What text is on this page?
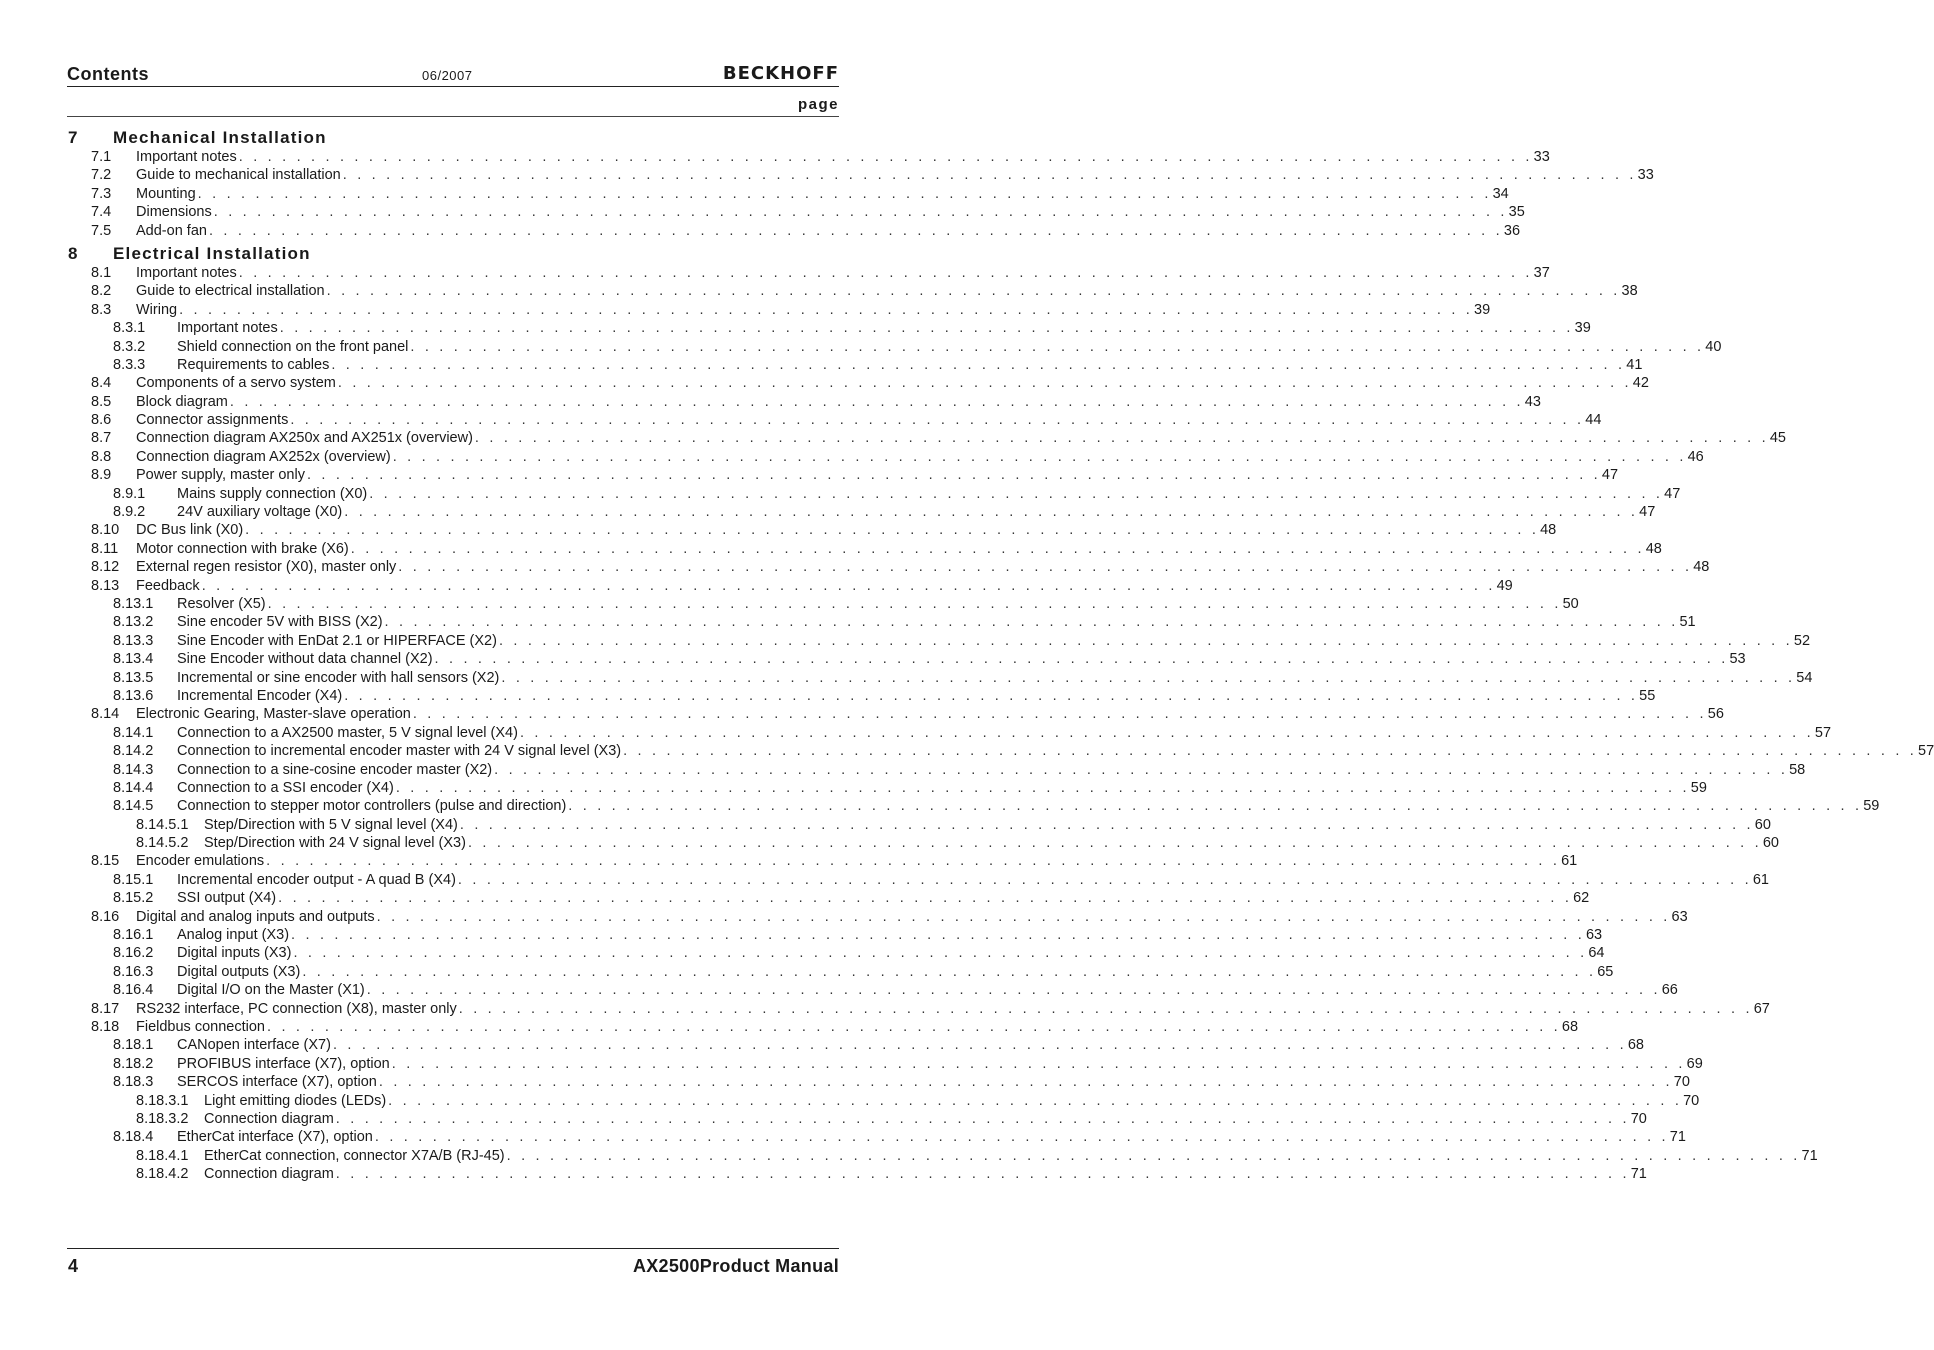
Contents	06/2007	BECKHOFF
page
7 Mechanical Installation
7.1 Important notes . . . . . . . . . . . . . . . . . . . . . . . . . . . . . . . . . . . . . . . . . . . . . . . . . . . . . . . . . . . . . . . . . . . . . . . . . . . . . . . . . . . . . . . . . . 33
7.2 Guide to mechanical installation . . . . . . . . . . . . . . . . . . . . . . . . . . . . . . . . . . . . . . . . . . . . . . . . . . . . . . . . . . . . . . . . . . . . . . . . . . . . . . . . . . . . . . . . . . 33
7.3 Mounting . . . . . . . . . . . . . . . . . . . . . . . . . . . . . . . . . . . . . . . . . . . . . . . . . . . . . . . . . . . . . . . . . . . . . . . . . . . . . . . . . . . . . . . . . . 34
7.4 Dimensions . . . . . . . . . . . . . . . . . . . . . . . . . . . . . . . . . . . . . . . . . . . . . . . . . . . . . . . . . . . . . . . . . . . . . . . . . . . . . . . . . . . . . . . . . . 35
7.5 Add-on fan . . . . . . . . . . . . . . . . . . . . . . . . . . . . . . . . . . . . . . . . . . . . . . . . . . . . . . . . . . . . . . . . . . . . . . . . . . . . . . . . . . . . . . . . . . 36
8 Electrical Installation
8.1 Important notes . . . . . . . . . . . . . . . . . . . . . . . . . . . . . . . . . . . . . . . . . . . . . . . . . . . . . . . . . . . . . . . . . . . . . . . . . . . . . . . . . . . . . . . . . . 37
8.2 Guide to electrical installation . . . . . . . . . . . . . . . . . . . . . . . . . . . . . . . . . . . . . . . . . . . . . . . . . . . . . . . . . . . . . . . . . . . . . . . . . . . . . . . . . . . . . . . . . . 38
8.3 Wiring . . . . . . . . . . . . . . . . . . . . . . . . . . . . . . . . . . . . . . . . . . . . . . . . . . . . . . . . . . . . . . . . . . . . . . . . . . . . . . . . . . . . . . . . . . 39
8.3.1 Important notes . . . . . . . . . . . . . . . . . . . . . . . . . . . . . . . . . . . . . . . . . . . . . . . . . . . . . . . . . . . . . . . . . . . . . . . . . . . . . . . . . . . . . . . . . . 39
8.3.2 Shield connection on the front panel . . . . . . . . . . . . . . . . . . . . . . . . . . . . . . . . . . . . . . . . . . . . . . . . . . . . . . . . . . . . . . . . . . . . . . . . . . . . . . . . . . . . . . . . . . 40
8.3.3 Requirements to cables . . . . . . . . . . . . . . . . . . . . . . . . . . . . . . . . . . . . . . . . . . . . . . . . . . . . . . . . . . . . . . . . . . . . . . . . . . . . . . . . . . . . . . . . . . 41
8.4 Components of a servo system . . . . . . . . . . . . . . . . . . . . . . . . . . . . . . . . . . . . . . . . . . . . . . . . . . . . . . . . . . . . . . . . . . . . . . . . . . . . . . . . . . . . . . . . . . 42
8.5 Block diagram . . . . . . . . . . . . . . . . . . . . . . . . . . . . . . . . . . . . . . . . . . . . . . . . . . . . . . . . . . . . . . . . . . . . . . . . . . . . . . . . . . . . . . . . . . 43
8.6 Connector assignments . . . . . . . . . . . . . . . . . . . . . . . . . . . . . . . . . . . . . . . . . . . . . . . . . . . . . . . . . . . . . . . . . . . . . . . . . . . . . . . . . . . . . . . . . . 44
8.7 Connection diagram AX250x and AX251x (overview) . . . . . . . . . . . . . . . . . . . . . . . . . . . . . . . . . . . . . . . . . . . . . . . . . . . . . . . . . . . . . . . . . . . . . . . . . . . . . . . . . . . . . . . . . . 45
8.8 Connection diagram AX252x (overview) . . . . . . . . . . . . . . . . . . . . . . . . . . . . . . . . . . . . . . . . . . . . . . . . . . . . . . . . . . . . . . . . . . . . . . . . . . . . . . . . . . . . . . . . . . 46
8.9 Power supply, master only . . . . . . . . . . . . . . . . . . . . . . . . . . . . . . . . . . . . . . . . . . . . . . . . . . . . . . . . . . . . . . . . . . . . . . . . . . . . . . . . . . . . . . . . . . 47
8.9.1 Mains supply connection (X0) . . . . . . . . . . . . . . . . . . . . . . . . . . . . . . . . . . . . . . . . . . . . . . . . . . . . . . . . . . . . . . . . . . . . . . . . . . . . . . . . . . . . . . . . . . 47
8.9.2 24V auxiliary voltage (X0) . . . . . . . . . . . . . . . . . . . . . . . . . . . . . . . . . . . . . . . . . . . . . . . . . . . . . . . . . . . . . . . . . . . . . . . . . . . . . . . . . . . . . . . . . . 47
8.10 DC Bus link (X0) . . . . . . . . . . . . . . . . . . . . . . . . . . . . . . . . . . . . . . . . . . . . . . . . . . . . . . . . . . . . . . . . . . . . . . . . . . . . . . . . . . . . . . . . . . 48
8.11 Motor connection with brake (X6) . . . . . . . . . . . . . . . . . . . . . . . . . . . . . . . . . . . . . . . . . . . . . . . . . . . . . . . . . . . . . . . . . . . . . . . . . . . . . . . . . . . . . . . . . . 48
8.12 External regen resistor (X0), master only . . . . . . . . . . . . . . . . . . . . . . . . . . . . . . . . . . . . . . . . . . . . . . . . . . . . . . . . . . . . . . . . . . . . . . . . . . . . . . . . . . . . . . . . . . 48
8.13 Feedback . . . . . . . . . . . . . . . . . . . . . . . . . . . . . . . . . . . . . . . . . . . . . . . . . . . . . . . . . . . . . . . . . . . . . . . . . . . . . . . . . . . . . . . . . . 49
8.13.1 Resolver (X5) . . . . . . . . . . . . . . . . . . . . . . . . . . . . . . . . . . . . . . . . . . . . . . . . . . . . . . . . . . . . . . . . . . . . . . . . . . . . . . . . . . . . . . . . . . 50
8.13.2 Sine encoder 5V with BISS (X2) . . . . . . . . . . . . . . . . . . . . . . . . . . . . . . . . . . . . . . . . . . . . . . . . . . . . . . . . . . . . . . . . . . . . . . . . . . . . . . . . . . . . . . . . . . 51
8.13.3 Sine Encoder with EnDat 2.1 or HIPERFACE (X2) . . . . . . . . . . . . . . . . . . . . . . . . . . . . . . . . . . . . . . . . . . . . . . . . . . . . . . . . . . . . . . . . . . . . . . . . . . . . . . . . . . . . . . . . . . 52
8.13.4 Sine Encoder without data channel (X2) . . . . . . . . . . . . . . . . . . . . . . . . . . . . . . . . . . . . . . . . . . . . . . . . . . . . . . . . . . . . . . . . . . . . . . . . . . . . . . . . . . . . . . . . . . 53
8.13.5 Incremental or sine encoder with hall sensors (X2) . . . . . . . . . . . . . . . . . . . . . . . . . . . . . . . . . . . . . . . . . . . . . . . . . . . . . . . . . . . . . . . . . . . . . . . . . . . . . . . . . . . . . . . . . . 54
8.13.6 Incremental Encoder (X4) . . . . . . . . . . . . . . . . . . . . . . . . . . . . . . . . . . . . . . . . . . . . . . . . . . . . . . . . . . . . . . . . . . . . . . . . . . . . . . . . . . . . . . . . . . 55
8.14 Electronic Gearing, Master-slave operation . . . . . . . . . . . . . . . . . . . . . . . . . . . . . . . . . . . . . . . . . . . . . . . . . . . . . . . . . . . . . . . . . . . . . . . . . . . . . . . . . . . . . . . . . . 56
8.14.1 Connection to a AX2500 master, 5 V signal level (X4) . . . . . . . . . . . . . . . . . . . . . . . . . . . . . . . . . . . . . . . . . . . . . . . . . . . . . . . . . . . . . . . . . . . . . . . . . . . . . . . . . . . . . . . . . . 57
8.14.2 Connection to incremental encoder master with 24 V signal level (X3) . . . . . . . . . . . . . . . . . . . . . . . . . . . . . . . . . . . . . . . . . . . . . . . . . . . . . . . . . . . . . . . . . . . . . . . . . . . . . . . . . . . . . . . . . . 57
8.14.3 Connection to a sine-cosine encoder master (X2) . . . . . . . . . . . . . . . . . . . . . . . . . . . . . . . . . . . . . . . . . . . . . . . . . . . . . . . . . . . . . . . . . . . . . . . . . . . . . . . . . . . . . . . . . . 58
8.14.4 Connection to a SSI encoder (X4) . . . . . . . . . . . . . . . . . . . . . . . . . . . . . . . . . . . . . . . . . . . . . . . . . . . . . . . . . . . . . . . . . . . . . . . . . . . . . . . . . . . . . . . . . . 59
8.14.5 Connection to stepper motor controllers (pulse and direction) . . . . . . . . . . . . . . . . . . . . . . . . . . . . . . . . . . . . . . . . . . . . . . . . . . . . . . . . . . . . . . . . . . . . . . . . . . . . . . . . . . . . . . . . . . 59
8.14.5.1 Step/Direction with 5 V signal level (X4) . . . . . . . . . . . . . . . . . . . . . . . . . . . . . . . . . . . . . . . . . . . . . . . . . . . . . . . . . . . . . . . . . . . . . . . . . . . . . . . . . . . . . . . . . . 60
8.14.5.2 Step/Direction with 24 V signal level (X3) . . . . . . . . . . . . . . . . . . . . . . . . . . . . . . . . . . . . . . . . . . . . . . . . . . . . . . . . . . . . . . . . . . . . . . . . . . . . . . . . . . . . . . . . . . 60
8.15 Encoder emulations . . . . . . . . . . . . . . . . . . . . . . . . . . . . . . . . . . . . . . . . . . . . . . . . . . . . . . . . . . . . . . . . . . . . . . . . . . . . . . . . . . . . . . . . . . 61
8.15.1 Incremental encoder output - A quad B (X4) . . . . . . . . . . . . . . . . . . . . . . . . . . . . . . . . . . . . . . . . . . . . . . . . . . . . . . . . . . . . . . . . . . . . . . . . . . . . . . . . . . . . . . . . . . 61
8.15.2 SSI output (X4) . . . . . . . . . . . . . . . . . . . . . . . . . . . . . . . . . . . . . . . . . . . . . . . . . . . . . . . . . . . . . . . . . . . . . . . . . . . . . . . . . . . . . . . . . . 62
8.16 Digital and analog inputs and outputs . . . . . . . . . . . . . . . . . . . . . . . . . . . . . . . . . . . . . . . . . . . . . . . . . . . . . . . . . . . . . . . . . . . . . . . . . . . . . . . . . . . . . . . . . . 63
8.16.1 Analog input (X3) . . . . . . . . . . . . . . . . . . . . . . . . . . . . . . . . . . . . . . . . . . . . . . . . . . . . . . . . . . . . . . . . . . . . . . . . . . . . . . . . . . . . . . . . . . 63
8.16.2 Digital inputs (X3) . . . . . . . . . . . . . . . . . . . . . . . . . . . . . . . . . . . . . . . . . . . . . . . . . . . . . . . . . . . . . . . . . . . . . . . . . . . . . . . . . . . . . . . . . . 64
8.16.3 Digital outputs (X3) . . . . . . . . . . . . . . . . . . . . . . . . . . . . . . . . . . . . . . . . . . . . . . . . . . . . . . . . . . . . . . . . . . . . . . . . . . . . . . . . . . . . . . . . . . 65
8.16.4 Digital I/O on the Master (X1) . . . . . . . . . . . . . . . . . . . . . . . . . . . . . . . . . . . . . . . . . . . . . . . . . . . . . . . . . . . . . . . . . . . . . . . . . . . . . . . . . . . . . . . . . . 66
8.17 RS232 interface, PC connection (X8), master only . . . . . . . . . . . . . . . . . . . . . . . . . . . . . . . . . . . . . . . . . . . . . . . . . . . . . . . . . . . . . . . . . . . . . . . . . . . . . . . . . . . . . . . . . . 67
8.18 Fieldbus connection . . . . . . . . . . . . . . . . . . . . . . . . . . . . . . . . . . . . . . . . . . . . . . . . . . . . . . . . . . . . . . . . . . . . . . . . . . . . . . . . . . . . . . . . . . 68
8.18.1 CANopen interface (X7) . . . . . . . . . . . . . . . . . . . . . . . . . . . . . . . . . . . . . . . . . . . . . . . . . . . . . . . . . . . . . . . . . . . . . . . . . . . . . . . . . . . . . . . . . . 68
8.18.2 PROFIBUS interface (X7), option . . . . . . . . . . . . . . . . . . . . . . . . . . . . . . . . . . . . . . . . . . . . . . . . . . . . . . . . . . . . . . . . . . . . . . . . . . . . . . . . . . . . . . . . . . 69
8.18.3 SERCOS interface (X7), option . . . . . . . . . . . . . . . . . . . . . . . . . . . . . . . . . . . . . . . . . . . . . . . . . . . . . . . . . . . . . . . . . . . . . . . . . . . . . . . . . . . . . . . . . . 70
8.18.3.1 Light emitting diodes (LEDs) . . . . . . . . . . . . . . . . . . . . . . . . . . . . . . . . . . . . . . . . . . . . . . . . . . . . . . . . . . . . . . . . . . . . . . . . . . . . . . . . . . . . . . . . . . 70
8.18.3.2 Connection diagram . . . . . . . . . . . . . . . . . . . . . . . . . . . . . . . . . . . . . . . . . . . . . . . . . . . . . . . . . . . . . . . . . . . . . . . . . . . . . . . . . . . . . . . . . . 70
8.18.4 EtherCat interface (X7), option . . . . . . . . . . . . . . . . . . . . . . . . . . . . . . . . . . . . . . . . . . . . . . . . . . . . . . . . . . . . . . . . . . . . . . . . . . . . . . . . . . . . . . . . . . 71
8.18.4.1 EtherCat connection, connector X7A/B (RJ-45) . . . . . . . . . . . . . . . . . . . . . . . . . . . . . . . . . . . . . . . . . . . . . . . . . . . . . . . . . . . . . . . . . . . . . . . . . . . . . . . . . . . . . . . . . . 71
8.18.4.2 Connection diagram . . . . . . . . . . . . . . . . . . . . . . . . . . . . . . . . . . . . . . . . . . . . . . . . . . . . . . . . . . . . . . . . . . . . . . . . . . . . . . . . . . . . . . . . . . 71
4	AX2500Product Manual
